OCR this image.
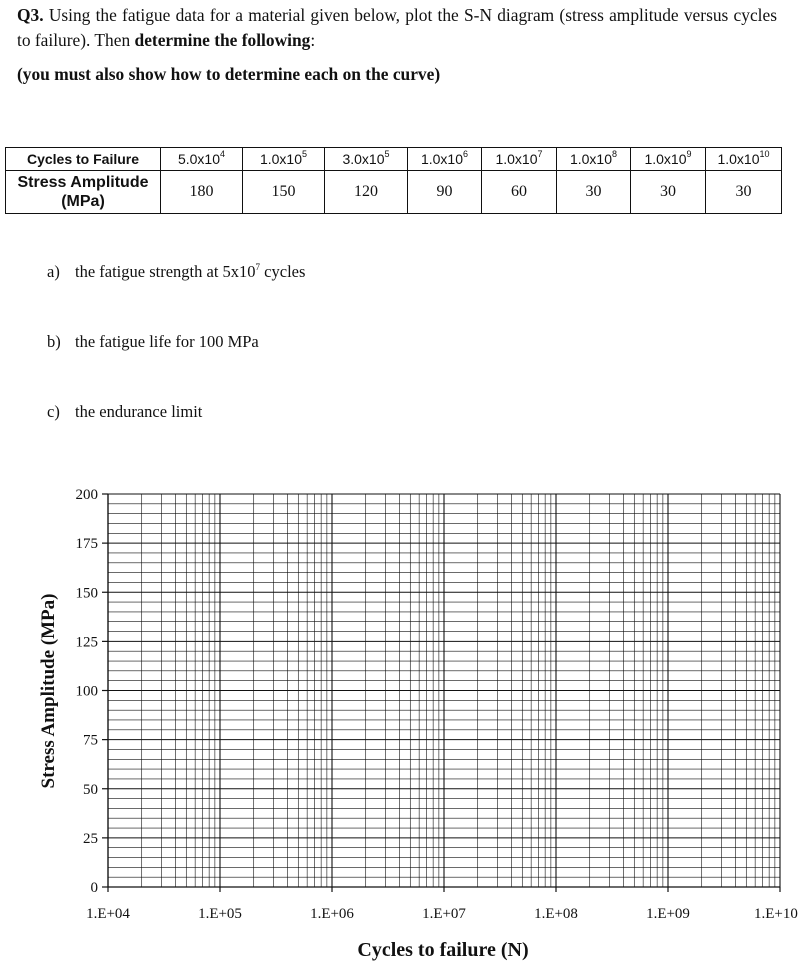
Q3. Using the fatigue data for a material given below, plot the S-N diagram (stress amplitude versus cycles to failure). Then determine the following:
(you must also show how to determine each on the curve)
Cycles to Failure	$5.0x10^4$	$1.0x10^5$	$3.0x10^5$	$1.0x10^6$	$1.0x10^7$	$1.0x10^8$	$1.0x10^9$	$1.0x10^{10}$
Stress Amplitude
(MPa)	180	150	120	90	60	30	30	30
a) the fatigue strength at $5x10^7$ cycles
b) the fatigue life for 100 MPa
c) the endurance limit
0
25
50
75
100
125
150
175
200
1.E+04	1.E+05	1.E+06	1.E+07	1.E+08	1.E+09	1.E+10
Stress Amplitude (MPa)
Cycles to failure (N)
